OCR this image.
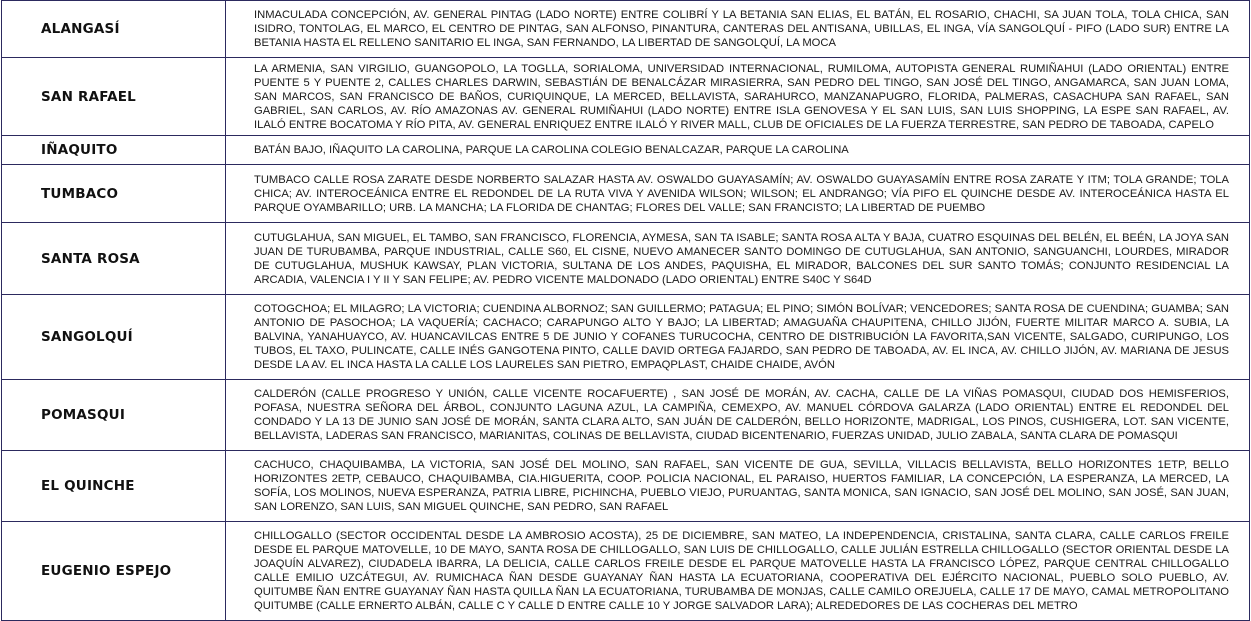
ALANGASÍ	INMACULADA CONCEPCIÓN, AV. GENERAL PINTAG (LADO NORTE) ENTRE COLIBRÍ Y LA BETANIA SAN ELIAS, EL BATÁN, EL ROSARIO, CHACHI, SA JUAN TOLA, TOLA CHICA, SAN ISIDRO, TONTOLAG, EL MARCO, EL CENTRO DE PINTAG, SAN ALFONSO, PINANTURA, CANTERAS DEL ANTISANA, UBILLAS, EL INGA, VÍA SANGOLQUÍ - PIFO (LADO SUR) ENTRE LA BETANIA HASTA EL RELLENO SANITARIO EL INGA, SAN FERNANDO, LA LIBERTAD DE SANGOLQUÍ, LA MOCA
SAN RAFAEL	LA ARMENIA, SAN VIRGILIO, GUANGOPOLO, LA TOGLLA, SORIALOMA, UNIVERSIDAD INTERNACIONAL, RUMILOMA, AUTOPISTA GENERAL RUMIÑAHUI (LADO ORIENTAL) ENTRE PUENTE 5 Y PUENTE 2, CALLES CHARLES DARWIN, SEBASTIÁN DE BENALCÁZAR MIRASIERRA, SAN PEDRO DEL TINGO, SAN JOSÉ DEL TINGO, ANGAMARCA, SAN JUAN LOMA, SAN MARCOS, SAN FRANCISCO DE BAÑOS, CURIQUINQUE, LA MERCED, BELLAVISTA, SARAHURCO, MANZANAPUGRO, FLORIDA, PALMERAS, CASACHUPA SAN RAFAEL, SAN GABRIEL, SAN CARLOS, AV. RÍO AMAZONAS AV. GENERAL RUMIÑAHUI (LADO NORTE) ENTRE ISLA GENOVESA Y EL SAN LUIS, SAN LUIS SHOPPING, LA ESPE SAN RAFAEL, AV. ILALÓ ENTRE BOCATOMA Y RÍO PITA, AV. GENERAL ENRIQUEZ ENTRE ILALÓ Y RIVER MALL, CLUB DE OFICIALES DE LA FUERZA TERRESTRE, SAN PEDRO DE TABOADA, CAPELO
IÑAQUITO	BATÁN BAJO, IÑAQUITO LA CAROLINA, PARQUE LA CAROLINA COLEGIO BENALCAZAR, PARQUE LA CAROLINA
TUMBACO	TUMBACO CALLE ROSA ZARATE DESDE NORBERTO SALAZAR HASTA AV. OSWALDO GUAYASAMÍN; AV. OSWALDO GUAYASAMÍN ENTRE ROSA ZARATE Y ITM; TOLA GRANDE; TOLA CHICA; AV. INTEROCEÁNICA ENTRE EL REDONDEL DE LA RUTA VIVA Y AVENIDA WILSON; WILSON; EL ANDRANGO; VÍA PIFO EL QUINCHE DESDE AV. INTEROCEÁNICA HASTA EL PARQUE OYAMBARILLO; URB. LA MANCHA; LA FLORIDA DE CHANTAG; FLORES DEL VALLE; SAN FRANCISTO; LA LIBERTAD DE PUEMBO
SANTA ROSA	CUTUGLAHUA, SAN MIGUEL, EL TAMBO, SAN FRANCISCO, FLORENCIA, AYMESA, SAN TA ISABLE; SANTA ROSA ALTA Y BAJA, CUATRO ESQUINAS DEL BELÉN, EL BEÉN, LA JOYA SAN JUAN DE TURUBAMBA, PARQUE INDUSTRIAL, CALLE S60, EL CISNE, NUEVO AMANECER SANTO DOMINGO DE CUTUGLAHUA, SAN ANTONIO, SANGUANCHI, LOURDES, MIRADOR DE CUTUGLAHUA, MUSHUK KAWSAY, PLAN VICTORIA, SULTANA DE LOS ANDES, PAQUISHA, EL MIRADOR, BALCONES DEL SUR SANTO TOMÁS; CONJUNTO RESIDENCIAL LA ARCADIA, VALENCIA I Y II Y SAN FELIPE; AV. PEDRO VICENTE MALDONADO (LADO ORIENTAL) ENTRE S40C Y S64D
SANGOLQUÍ	COTOGCHOA; EL MILAGRO; LA VICTORIA; CUENDINA ALBORNOZ; SAN GUILLERMO; PATAGUA; EL PINO; SIMÓN BOLÍVAR; VENCEDORES; SANTA ROSA DE CUENDINA; GUAMBA; SAN ANTONIO DE PASOCHOA; LA VAQUERÍA; CACHACO; CARAPUNGO ALTO Y BAJO; LA LIBERTAD; AMAGUAÑA CHAUPITENA, CHILLO JIJÓN, FUERTE MILITAR MARCO A. SUBIA, LA BALVINA, YANAHUAYCO, AV. HUANCAVILCAS ENTRE 5 DE JUNIO Y COFANES TURUCOCHA, CENTRO DE DISTRIBUCIÓN LA FAVORITA,SAN VICENTE, SALGADO, CURIPUNGO, LOS TUBOS, EL TAXO, PULINCATE, CALLE INÉS GANGOTENA PINTO, CALLE DAVID ORTEGA FAJARDO, SAN PEDRO DE TABOADA, AV. EL INCA, AV. CHILLO JIJÓN, AV. MARIANA DE JESUS DESDE LA AV. EL INCA HASTA LA CALLE LOS LAURELES SAN PIETRO, EMPAQPLAST, CHAIDE CHAIDE, AVÓN
POMASQUI	CALDERÓN (CALLE PROGRESO Y UNIÓN, CALLE VICENTE ROCAFUERTE) , SAN JOSÉ DE MORÁN, AV. CACHA, CALLE DE LA VIÑAS POMASQUI, CIUDAD DOS HEMISFERIOS, POFASA, NUESTRA SEÑORA DEL ÁRBOL, CONJUNTO LAGUNA AZUL, LA CAMPIÑA, CEMEXPO, AV. MANUEL CÓRDOVA GALARZA (LADO ORIENTAL) ENTRE EL REDONDEL DEL CONDADO Y LA 13 DE JUNIO SAN JOSÉ DE MORÁN, SANTA CLARA ALTO, SAN JUÁN DE CALDERÓN, BELLO HORIZONTE, MADRIGAL, LOS PINOS, CUSHIGERA, LOT. SAN VICENTE, BELLAVISTA, LADERAS SAN FRANCISCO, MARIANITAS, COLINAS DE BELLAVISTA, CIUDAD BICENTENARIO, FUERZAS UNIDAD, JULIO ZABALA, SANTA CLARA DE POMASQUI
EL QUINCHE	CACHUCO, CHAQUIBAMBA, LA VICTORIA, SAN JOSÉ DEL MOLINO, SAN RAFAEL, SAN VICENTE DE GUA, SEVILLA, VILLACIS BELLAVISTA, BELLO HORIZONTES 1ETP, BELLO HORIZONTES 2ETP, CEBAUCO, CHAQUIBAMBA, CIA.HIGUERITA, COOP. POLICIA NACIONAL, EL PARAISO, HUERTOS FAMILIAR, LA CONCEPCIÓN, LA ESPERANZA, LA MERCED, LA SOFÍA, LOS MOLINOS, NUEVA ESPERANZA, PATRIA LIBRE, PICHINCHA, PUEBLO VIEJO, PURUANTAG, SANTA MONICA, SAN IGNACIO, SAN JOSÉ DEL MOLINO, SAN JOSÉ, SAN JUAN, SAN LORENZO, SAN LUIS, SAN MIGUEL QUINCHE, SAN PEDRO, SAN RAFAEL
EUGENIO ESPEJO	CHILLOGALLO (SECTOR OCCIDENTAL DESDE LA AMBROSIO ACOSTA), 25 DE DICIEMBRE, SAN MATEO, LA INDEPENDENCIA, CRISTALINA, SANTA CLARA, CALLE CARLOS FREILE DESDE EL PARQUE MATOVELLE, 10 DE MAYO, SANTA ROSA DE CHILLOGALLO, SAN LUIS DE CHILLOGALLO, CALLE JULIÁN ESTRELLA CHILLOGALLO (SECTOR ORIENTAL DESDE LA JOAQUÍN ALVAREZ), CIUDADELA IBARRA, LA DELICIA, CALLE CARLOS FREILE DESDE EL PARQUE MATOVELLE HASTA LA FRANCISCO LÓPEZ, PARQUE CENTRAL CHILLOGALLO CALLE EMILIO UZCÁTEGUI, AV. RUMICHACA ÑAN DESDE GUAYANAY ÑAN HASTA LA ECUATORIANA, COOPERATIVA DEL EJÉRCITO NACIONAL, PUEBLO SOLO PUEBLO, AV. QUITUMBE ÑAN ENTRE GUAYANAY ÑAN HASTA QUILLA ÑAN LA ECUATORIANA, TURUBAMBA DE MONJAS, CALLE CAMILO OREJUELA, CALLE 17 DE MAYO, CAMAL METROPOLITANO QUITUMBE (CALLE ERNERTO ALBÁN, CALLE C Y CALLE D ENTRE CALLE 10 Y JORGE SALVADOR LARA); ALREDEDORES DE LAS COCHERAS DEL METRO
